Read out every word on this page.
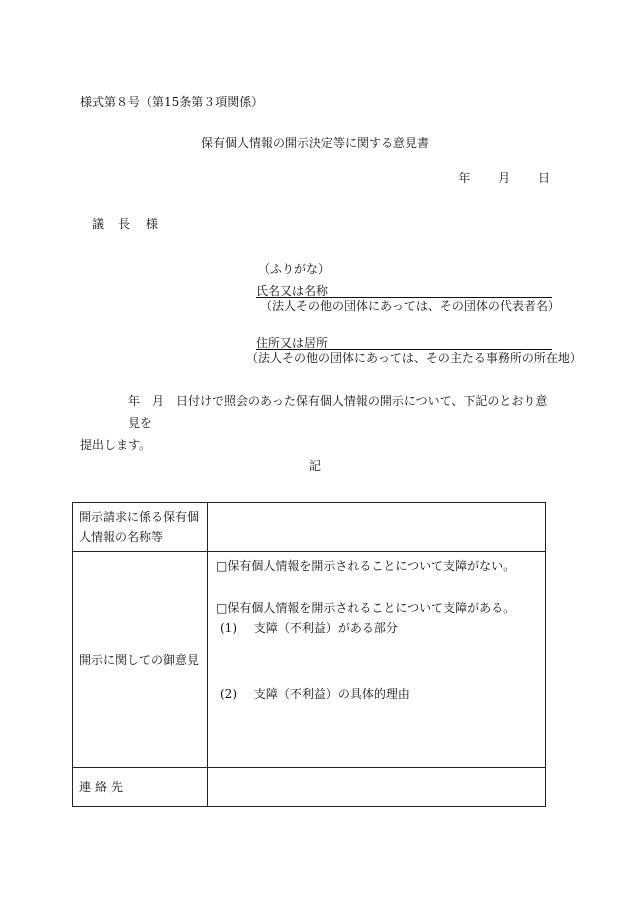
様式第８号（第15条第３項関係）
保有個人情報の開示決定等に関する意見書
年 月 日
議　長 様
（ふりがな）
氏名又は名称
（法人その他の団体にあっては、その団体の代表者名）
住所又は居所
（法人その他の団体にあっては、その主たる事務所の所在地）

年　月　日付けで照会のあった保有個人情報の開示について、下記のとおり意見を

提出します。

記
開示請求に係る保有個人情報の名称等	

開示に関しての御意見	□保有個人情報を開示されることについて支障がない。
□保有個人情報を開示されることについて支障がある。
(1) 支障（不利益）がある部分
(2) 支障（不利益）の具体的理由

連絡先	
